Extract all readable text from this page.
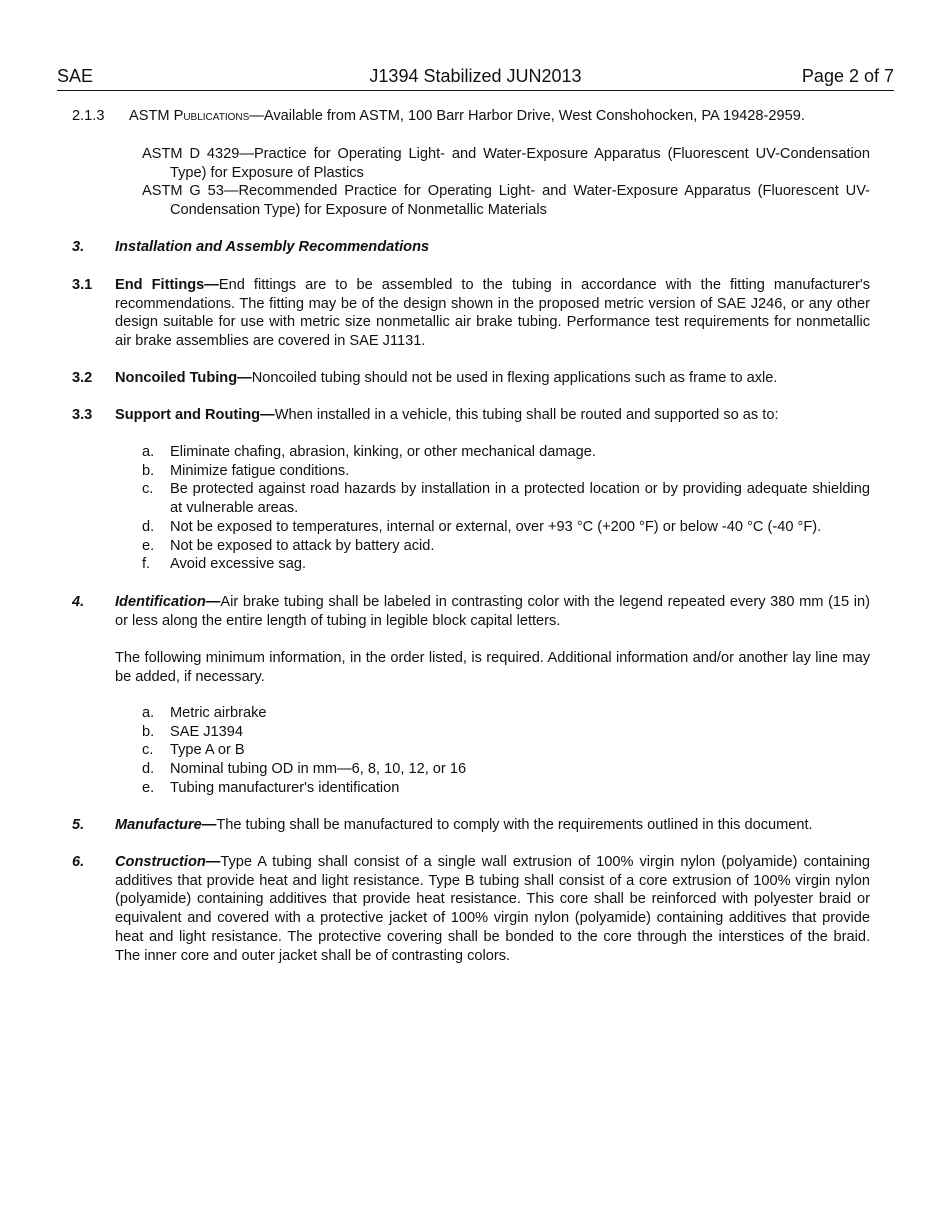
SAE	J1394 Stabilized JUN2013	Page 2 of 7
2.1.3 ASTM Publications—Available from ASTM, 100 Barr Harbor Drive, West Conshohocken, PA 19428-2959.
ASTM D 4329—Practice for Operating Light- and Water-Exposure Apparatus (Fluorescent UV-Condensation Type) for Exposure of Plastics
ASTM G 53—Recommended Practice for Operating Light- and Water-Exposure Apparatus (Fluorescent UV-Condensation Type) for Exposure of Nonmetallic Materials
3. Installation and Assembly Recommendations
3.1 End Fittings—End fittings are to be assembled to the tubing in accordance with the fitting manufacturer's recommendations. The fitting may be of the design shown in the proposed metric version of SAE J246, or any other design suitable for use with metric size nonmetallic air brake tubing. Performance test requirements for nonmetallic air brake assemblies are covered in SAE J1131.
3.2 Noncoiled Tubing—Noncoiled tubing should not be used in flexing applications such as frame to axle.
3.3 Support and Routing—When installed in a vehicle, this tubing shall be routed and supported so as to:
a. Eliminate chafing, abrasion, kinking, or other mechanical damage.
b. Minimize fatigue conditions.
c. Be protected against road hazards by installation in a protected location or by providing adequate shielding at vulnerable areas.
d. Not be exposed to temperatures, internal or external, over +93 °C (+200 °F) or below -40 °C (-40 °F).
e. Not be exposed to attack by battery acid.
f. Avoid excessive sag.
4. Identification—Air brake tubing shall be labeled in contrasting color with the legend repeated every 380 mm (15 in) or less along the entire length of tubing in legible block capital letters.
The following minimum information, in the order listed, is required. Additional information and/or another lay line may be added, if necessary.
a. Metric airbrake
b. SAE J1394
c. Type A or B
d. Nominal tubing OD in mm—6, 8, 10, 12, or 16
e. Tubing manufacturer's identification
5. Manufacture—The tubing shall be manufactured to comply with the requirements outlined in this document.
6. Construction—Type A tubing shall consist of a single wall extrusion of 100% virgin nylon (polyamide) containing additives that provide heat and light resistance. Type B tubing shall consist of a core extrusion of 100% virgin nylon (polyamide) containing additives that provide heat resistance. This core shall be reinforced with polyester braid or equivalent and covered with a protective jacket of 100% virgin nylon (polyamide) containing additives that provide heat and light resistance. The protective covering shall be bonded to the core through the interstices of the braid. The inner core and outer jacket shall be of contrasting colors.
